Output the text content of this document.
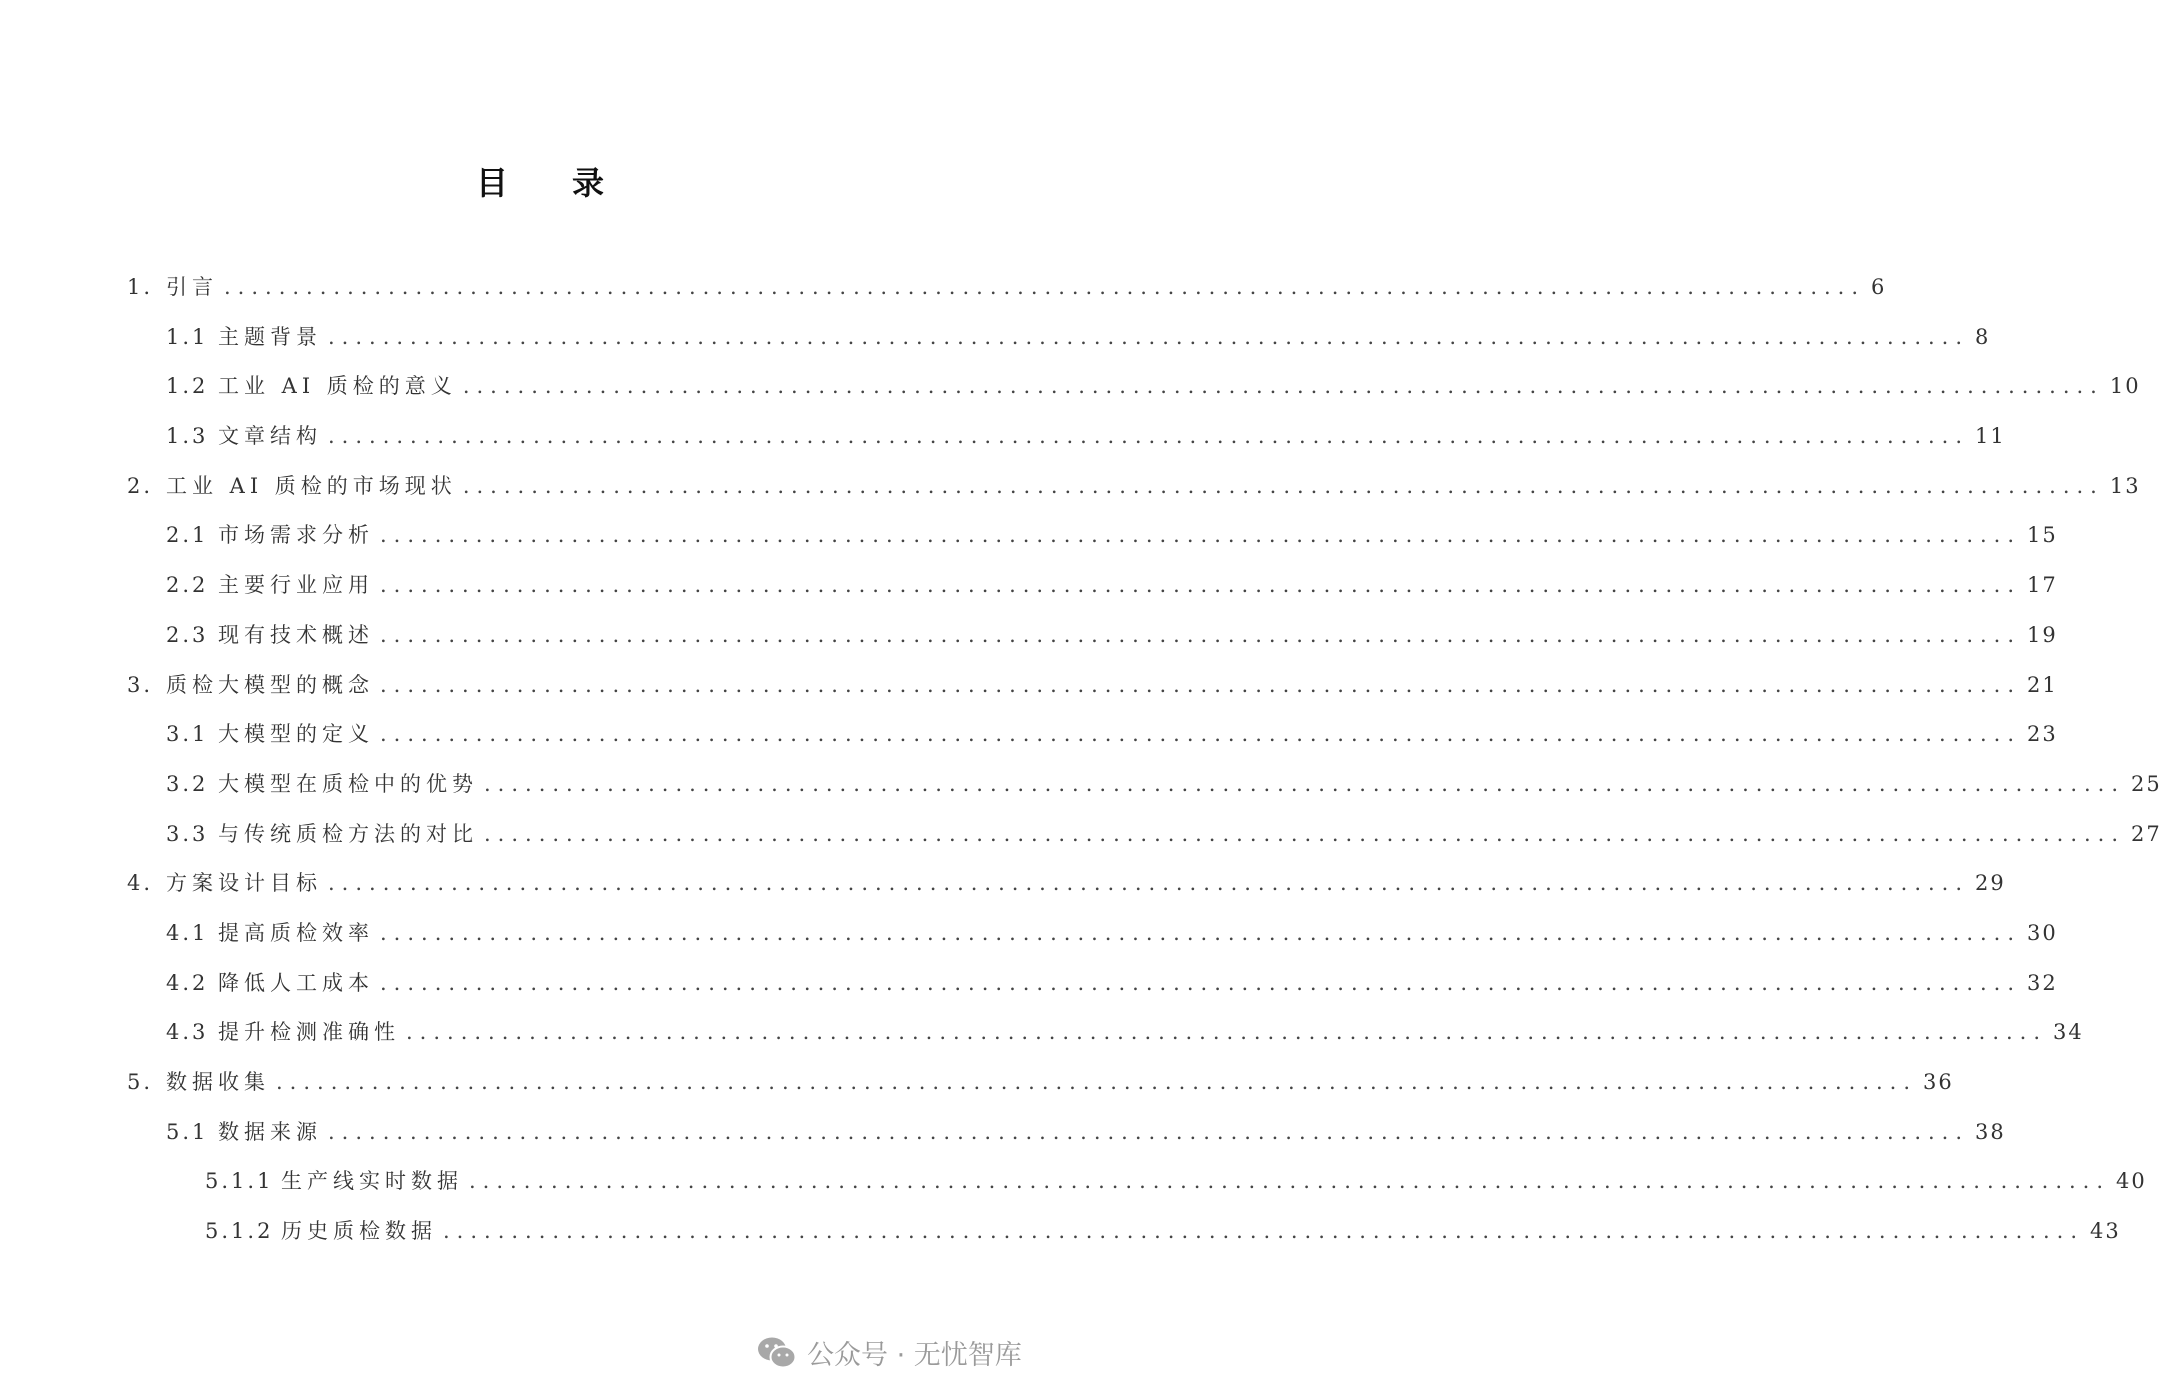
目 录
1. 引言 ........................................................................................................................ 6
1.1 主题背景 ........................................................................................................................ 8
1.2 工业 AI 质检的意义 ........................................................................................................................ 10
1.3 文章结构 ........................................................................................................................ 11
2. 工业 AI 质检的市场现状 ........................................................................................................................ 13
2.1 市场需求分析 ........................................................................................................................ 15
2.2 主要行业应用 ........................................................................................................................ 17
2.3 现有技术概述 ........................................................................................................................ 19
3. 质检大模型的概念 ........................................................................................................................ 21
3.1 大模型的定义 ........................................................................................................................ 23
3.2 大模型在质检中的优势 ........................................................................................................................ 25
3.3 与传统质检方法的对比 ........................................................................................................................ 27
4. 方案设计目标 ........................................................................................................................ 29
4.1 提高质检效率 ........................................................................................................................ 30
4.2 降低人工成本 ........................................................................................................................ 32
4.3 提升检测准确性 ........................................................................................................................ 34
5. 数据收集 ........................................................................................................................ 36
5.1 数据来源 ........................................................................................................................ 38
5.1.1 生产线实时数据 ........................................................................................................................ 40
5.1.2 历史质检数据 ........................................................................................................................ 43
公众号 · 无忧智库
